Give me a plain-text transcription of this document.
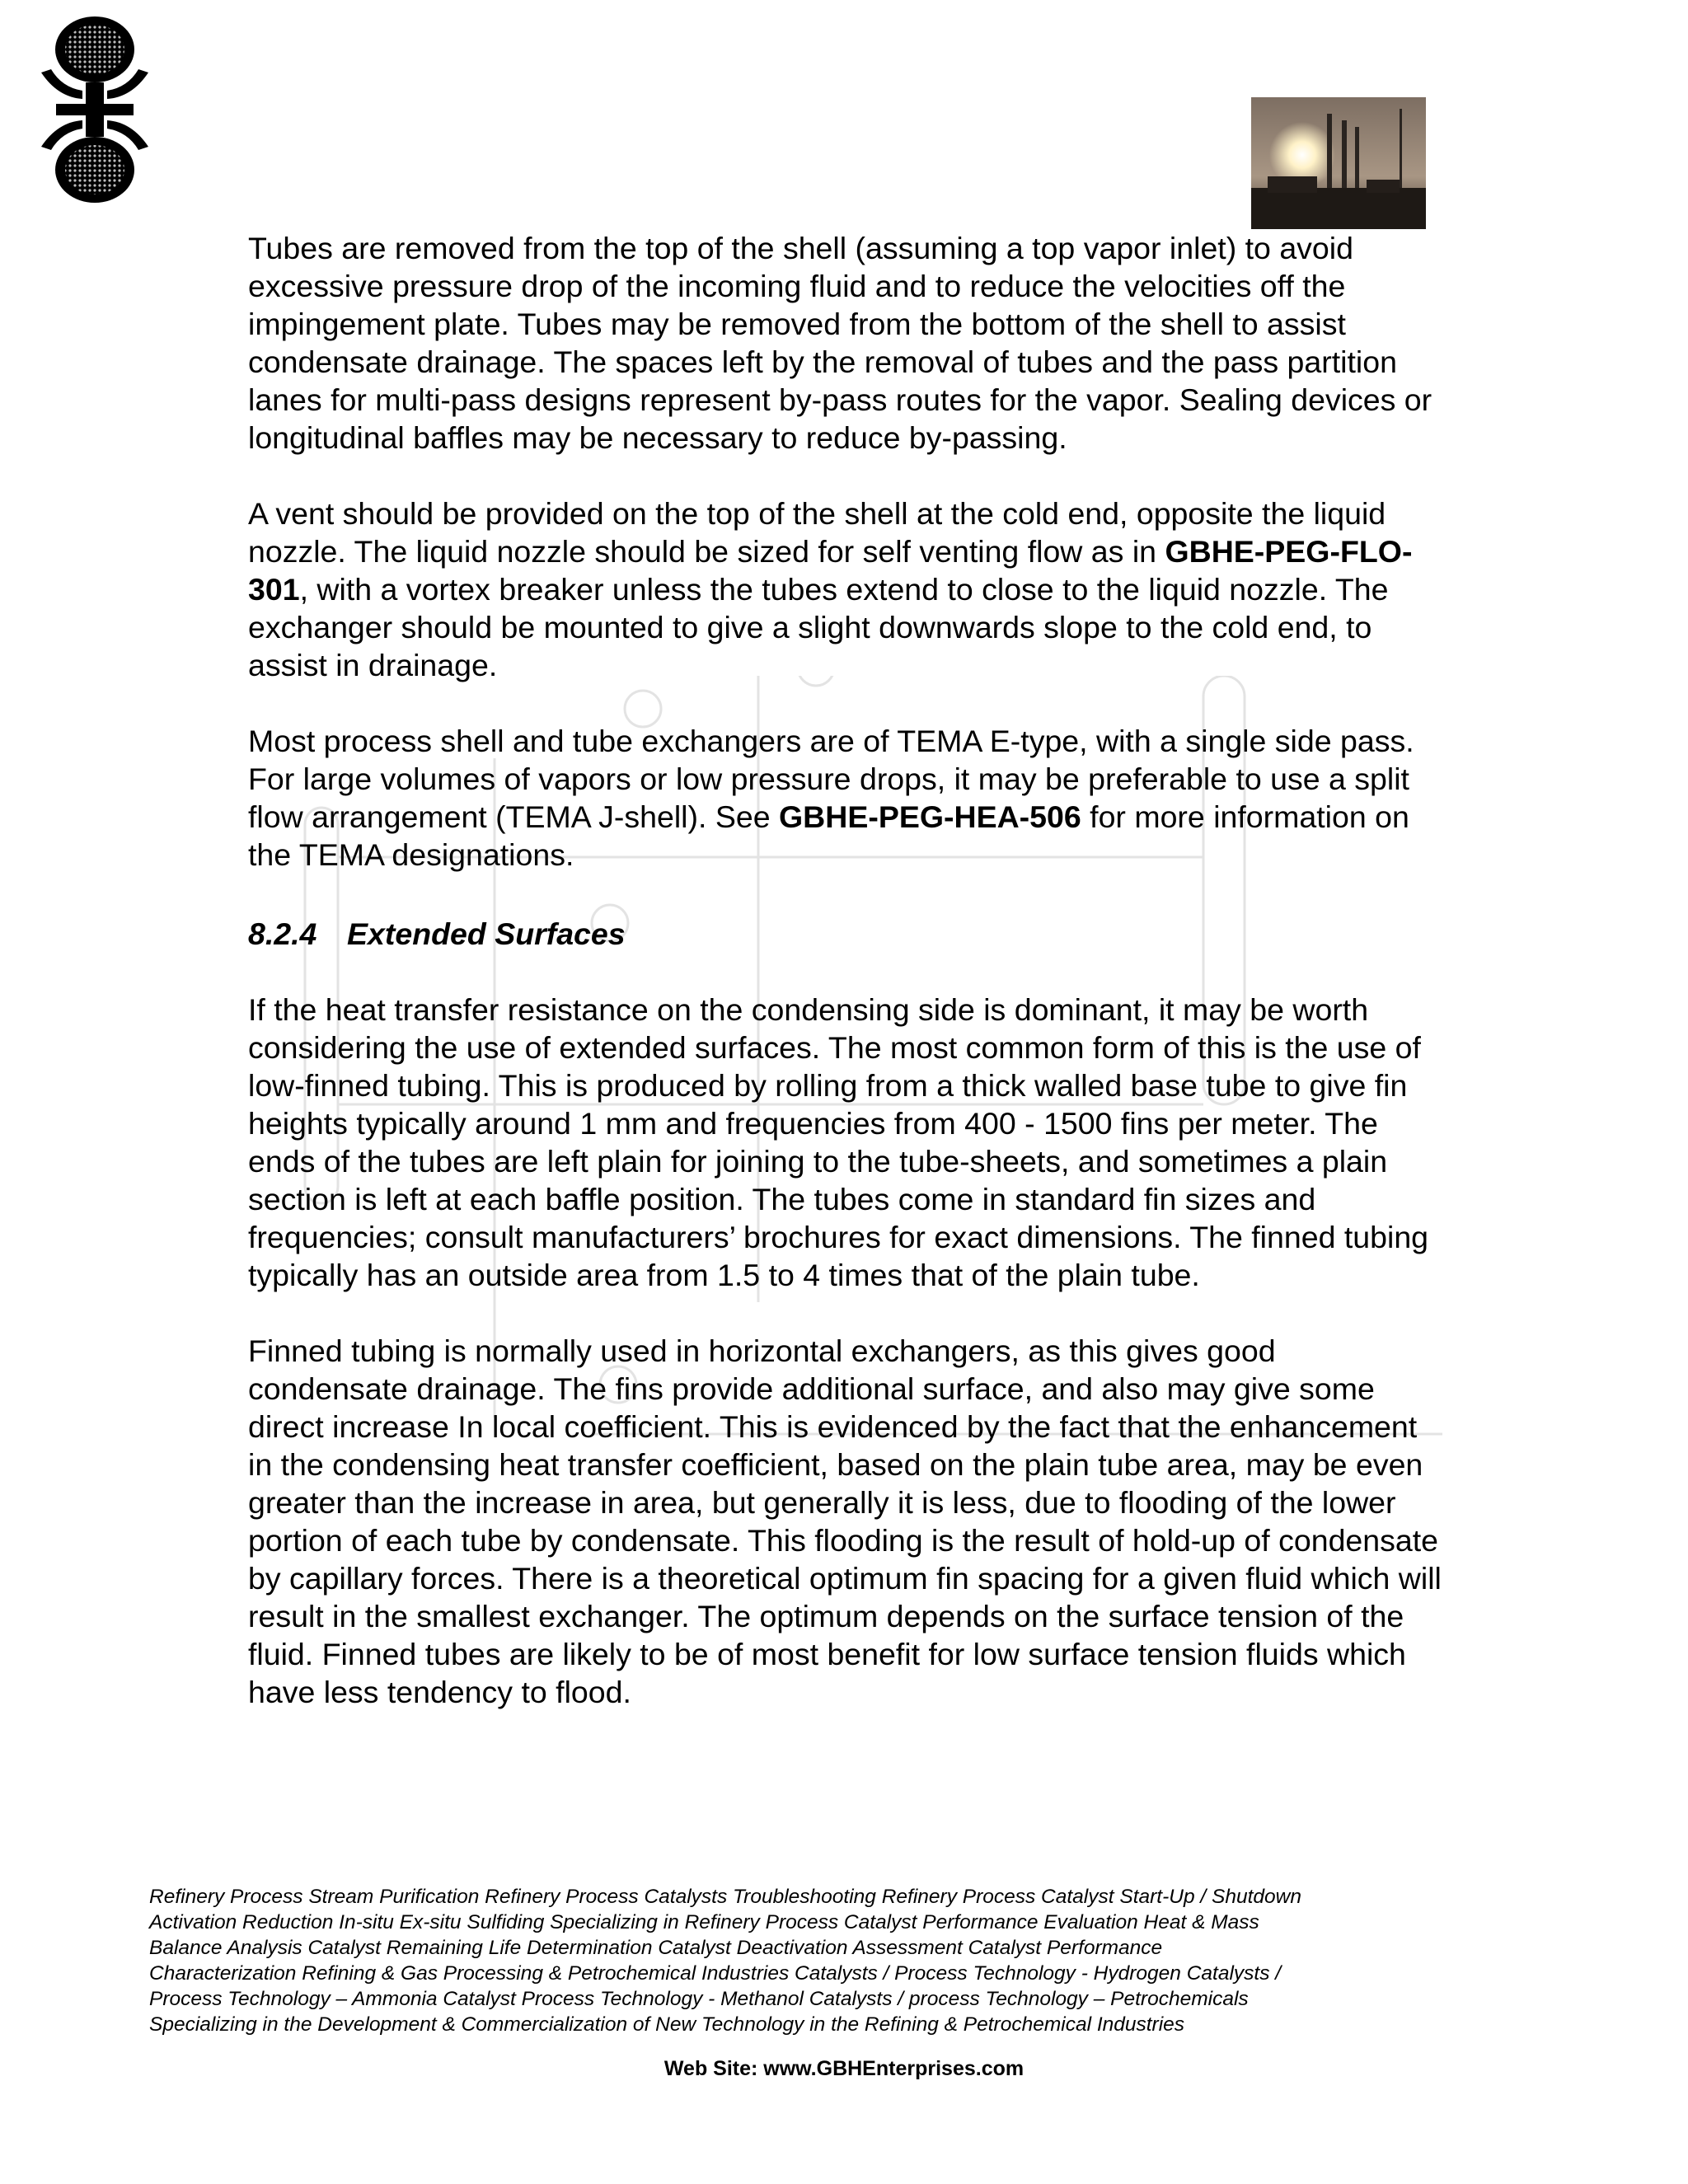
Tubes are removed from the top of the shell (assuming a top vapor inlet) to avoid excessive pressure drop of the incoming fluid and to reduce the velocities off the impingement plate. Tubes may be removed from the bottom of the shell to assist condensate drainage. The spaces left by the removal of tubes and the pass partition lanes for multi-pass designs represent by-pass routes for the vapor. Sealing devices or longitudinal baffles may be necessary to reduce by-passing.

A vent should be provided on the top of the shell at the cold end, opposite the liquid nozzle. The liquid nozzle should be sized for self venting flow as in GBHE-PEG-FLO-301, with a vortex breaker unless the tubes extend to close to the liquid nozzle. The exchanger should be mounted to give a slight downwards slope to the cold end, to assist in drainage.

Most process shell and tube exchangers are of TEMA E-type, with a single side pass. For large volumes of vapors or low pressure drops, it may be preferable to use a split flow arrangement (TEMA J-shell). See GBHE-PEG-HEA-506 for more information on the TEMA designations.

8.2.4 Extended Surfaces

If the heat transfer resistance on the condensing side is dominant, it may be worth considering the use of extended surfaces. The most common form of this is the use of low-finned tubing. This is produced by rolling from a thick walled base tube to give fin heights typically around 1 mm and frequencies from 400 - 1500 fins per meter. The ends of the tubes are left plain for joining to the tube-sheets, and sometimes a plain section is left at each baffle position. The tubes come in standard fin sizes and frequencies; consult manufacturers’ brochures for exact dimensions. The finned tubing typically has an outside area from 1.5 to 4 times that of the plain tube.

Finned tubing is normally used in horizontal exchangers, as this gives good condensate drainage. The fins provide additional surface, and also may give some direct increase In local coefficient. This is evidenced by the fact that the enhancement in the condensing heat transfer coefficient, based on the plain tube area, may be even greater than the increase in area, but generally it is less, due to flooding of the lower portion of each tube by condensate. This flooding is the result of hold-up of condensate by capillary forces. There is a theoretical optimum fin spacing for a given fluid which will result in the smallest exchanger. The optimum depends on the surface tension of the fluid. Finned tubes are likely to be of most benefit for low surface tension fluids which have less tendency to flood.

Refinery Process Stream Purification Refinery Process Catalysts Troubleshooting Refinery Process Catalyst Start-Up / Shutdown
Activation Reduction In-situ Ex-situ Sulfiding Specializing in Refinery Process Catalyst Performance Evaluation Heat & Mass
Balance Analysis Catalyst Remaining Life Determination Catalyst Deactivation Assessment Catalyst Performance
Characterization Refining & Gas Processing & Petrochemical Industries Catalysts / Process Technology - Hydrogen Catalysts /
Process Technology – Ammonia Catalyst Process Technology - Methanol Catalysts / process Technology – Petrochemicals
Specializing in the Development & Commercialization of New Technology in the Refining & Petrochemical Industries
Web Site: www.GBHEnterprises.com
